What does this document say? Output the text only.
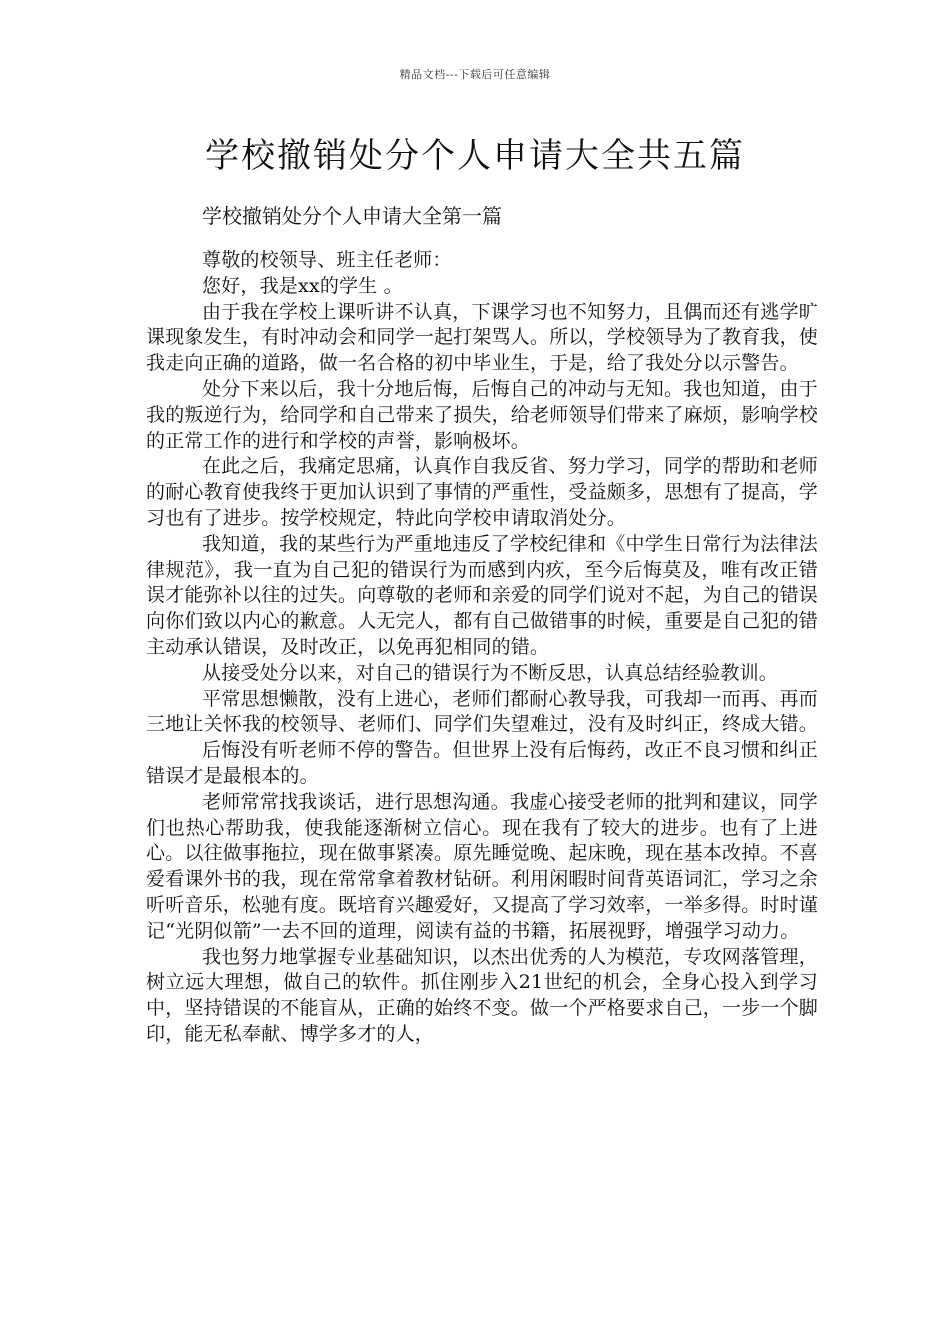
精品文档---下载后可任意编辑
学校撤销处分个人申请大全共五篇
学校撤销处分个人申请大全第一篇

尊敬的校领导、班主任老师：

您好，我是xx的学生 。

由于我在学校上课听讲不认真，下课学习也不知努力，且偶而还有逃学旷课现象发生，有时冲动会和同学一起打架骂人。所以，学校领导为了教育我，使我走向正确的道路，做一名合格的初中毕业生，于是，给了我处分以示警告。

处分下来以后，我十分地后悔，后悔自己的冲动与无知。我也知道，由于我的叛逆行为，给同学和自己带来了损失，给老师领导们带来了麻烦，影响学校的正常工作的进行和学校的声誉，影响极坏。

在此之后，我痛定思痛，认真作自我反省、努力学习，同学的帮助和老师的耐心教育使我终于更加认识到了事情的严重性，受益颇多，思想有了提高，学习也有了进步。按学校规定，特此向学校申请取消处分。

我知道，我的某些行为严重地违反了学校纪律和《中学生日常行为法律法律规范》，我一直为自己犯的错误行为而感到内疚，至今后悔莫及，唯有改正错误才能弥补以往的过失。向尊敬的老师和亲爱的同学们说对不起，为自己的错误向你们致以内心的歉意。人无完人，都有自己做错事的时候，重要是自己犯的错主动承认错误，及时改正，以免再犯相同的错。

从接受处分以来，对自己的错误行为不断反思，认真总结经验教训。

平常思想懒散，没有上进心，老师们都耐心教导我，可我却一而再、再而三地让关怀我的校领导、老师们、同学们失望难过，没有及时纠正，终成大错。

后悔没有听老师不停的警告。但世界上没有后悔药，改正不良习惯和纠正错误才是最根本的。

老师常常找我谈话，进行思想沟通。我虚心接受老师的批判和建议，同学们也热心帮助我，使我能逐渐树立信心。现在我有了较大的进步。也有了上进心。以往做事拖拉，现在做事紧凑。原先睡觉晚、起床晚，现在基本改掉。不喜爱看课外书的我，现在常常拿着教材钻研。利用闲暇时间背英语词汇，学习之余听听音乐，松驰有度。既培育兴趣爱好，又提高了学习效率，一举多得。时时谨记“光阴似箭”一去不回的道理，阅读有益的书籍，拓展视野，增强学习动力。

我也努力地掌握专业基础知识，以杰出优秀的人为模范，专攻网落管理，树立远大理想，做自己的软件。抓住刚步入21世纪的机会，全身心投入到学习中，坚持错误的不能盲从，正确的始终不变。做一个严格要求自己，一步一个脚印，能无私奉献、博学多才的人，
